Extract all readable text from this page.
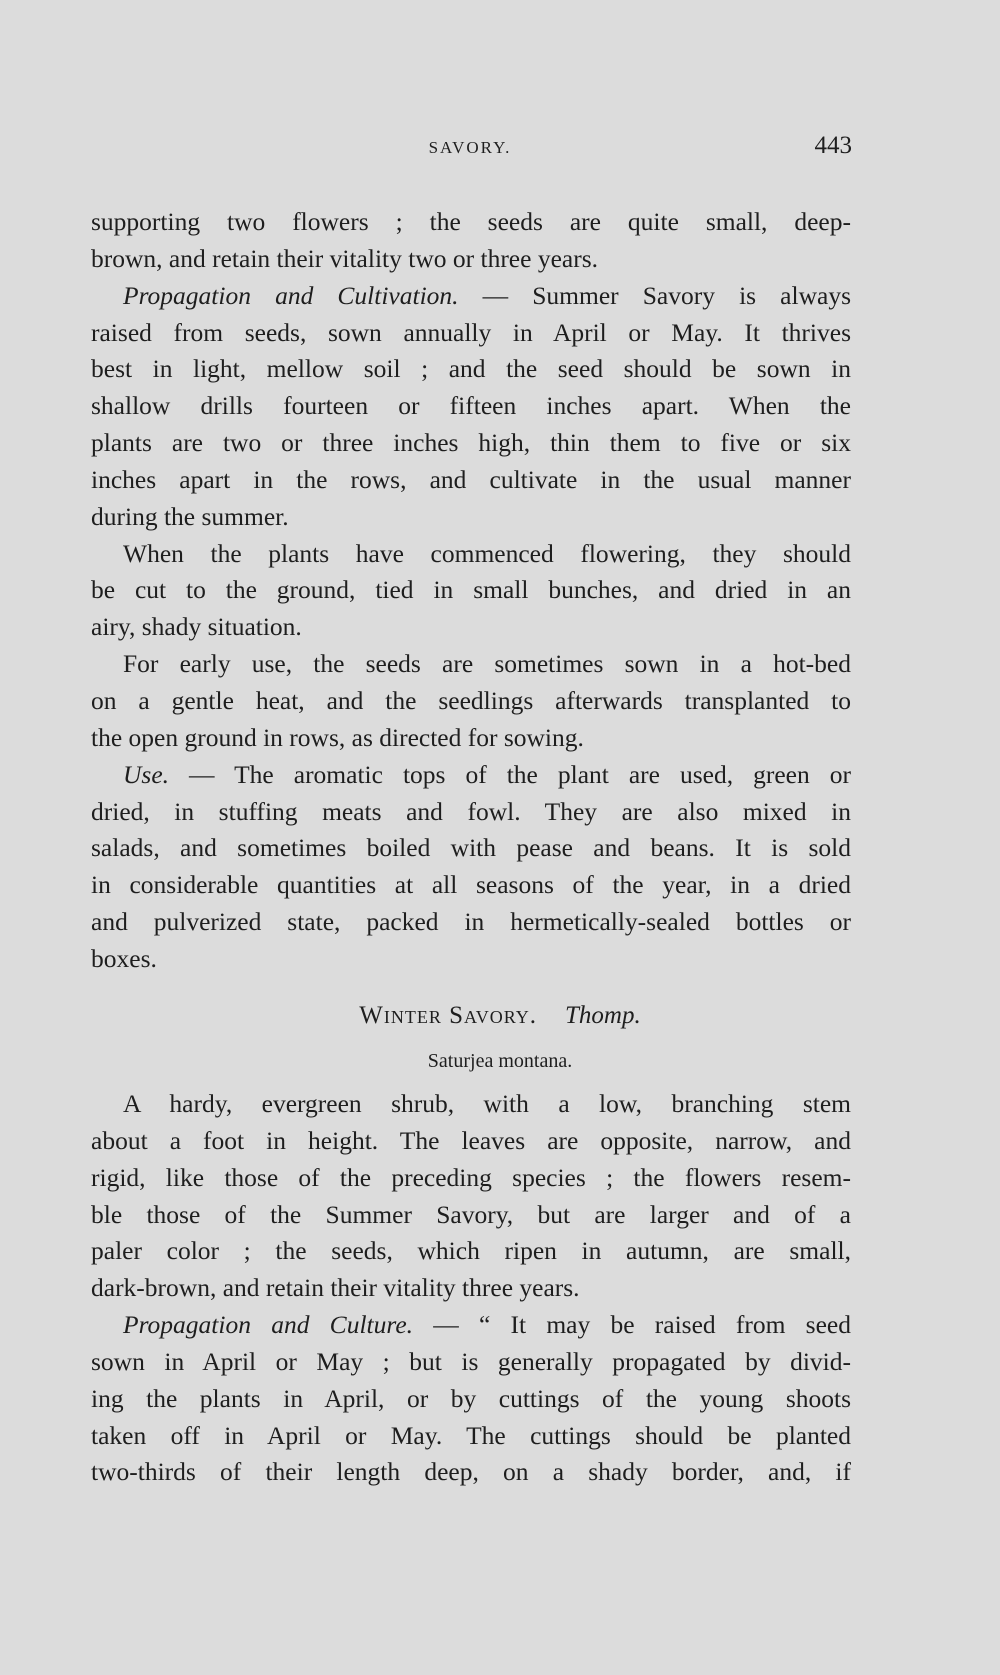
SAVORY.	443
supporting two flowers ; the seeds are quite small, deep-
brown, and retain their vitality two or three years.
Propagation and Cultivation. — Summer Savory is always
raised from seeds, sown annually in April or May. It thrives
best in light, mellow soil ; and the seed should be sown in
shallow drills fourteen or fifteen inches apart. When the
plants are two or three inches high, thin them to five or six
inches apart in the rows, and cultivate in the usual manner
during the summer.
When the plants have commenced flowering, they should
be cut to the ground, tied in small bunches, and dried in an
airy, shady situation.
For early use, the seeds are sometimes sown in a hot-bed
on a gentle heat, and the seedlings afterwards transplanted to
the open ground in rows, as directed for sowing.
Use. — The aromatic tops of the plant are used, green or
dried, in stuffing meats and fowl. They are also mixed in
salads, and sometimes boiled with pease and beans. It is sold
in considerable quantities at all seasons of the year, in a dried
and pulverized state, packed in hermetically-sealed bottles or
boxes.
Winter Savory. Thomp.
Saturjea montana.
A hardy, evergreen shrub, with a low, branching stem
about a foot in height. The leaves are opposite, narrow, and
rigid, like those of the preceding species ; the flowers resem-
ble those of the Summer Savory, but are larger and of a
paler color ; the seeds, which ripen in autumn, are small,
dark-brown, and retain their vitality three years.
Propagation and Culture. — “ It may be raised from seed
sown in April or May ; but is generally propagated by divid-
ing the plants in April, or by cuttings of the young shoots
taken off in April or May. The cuttings should be planted
two-thirds of their length deep, on a shady border, and, if
